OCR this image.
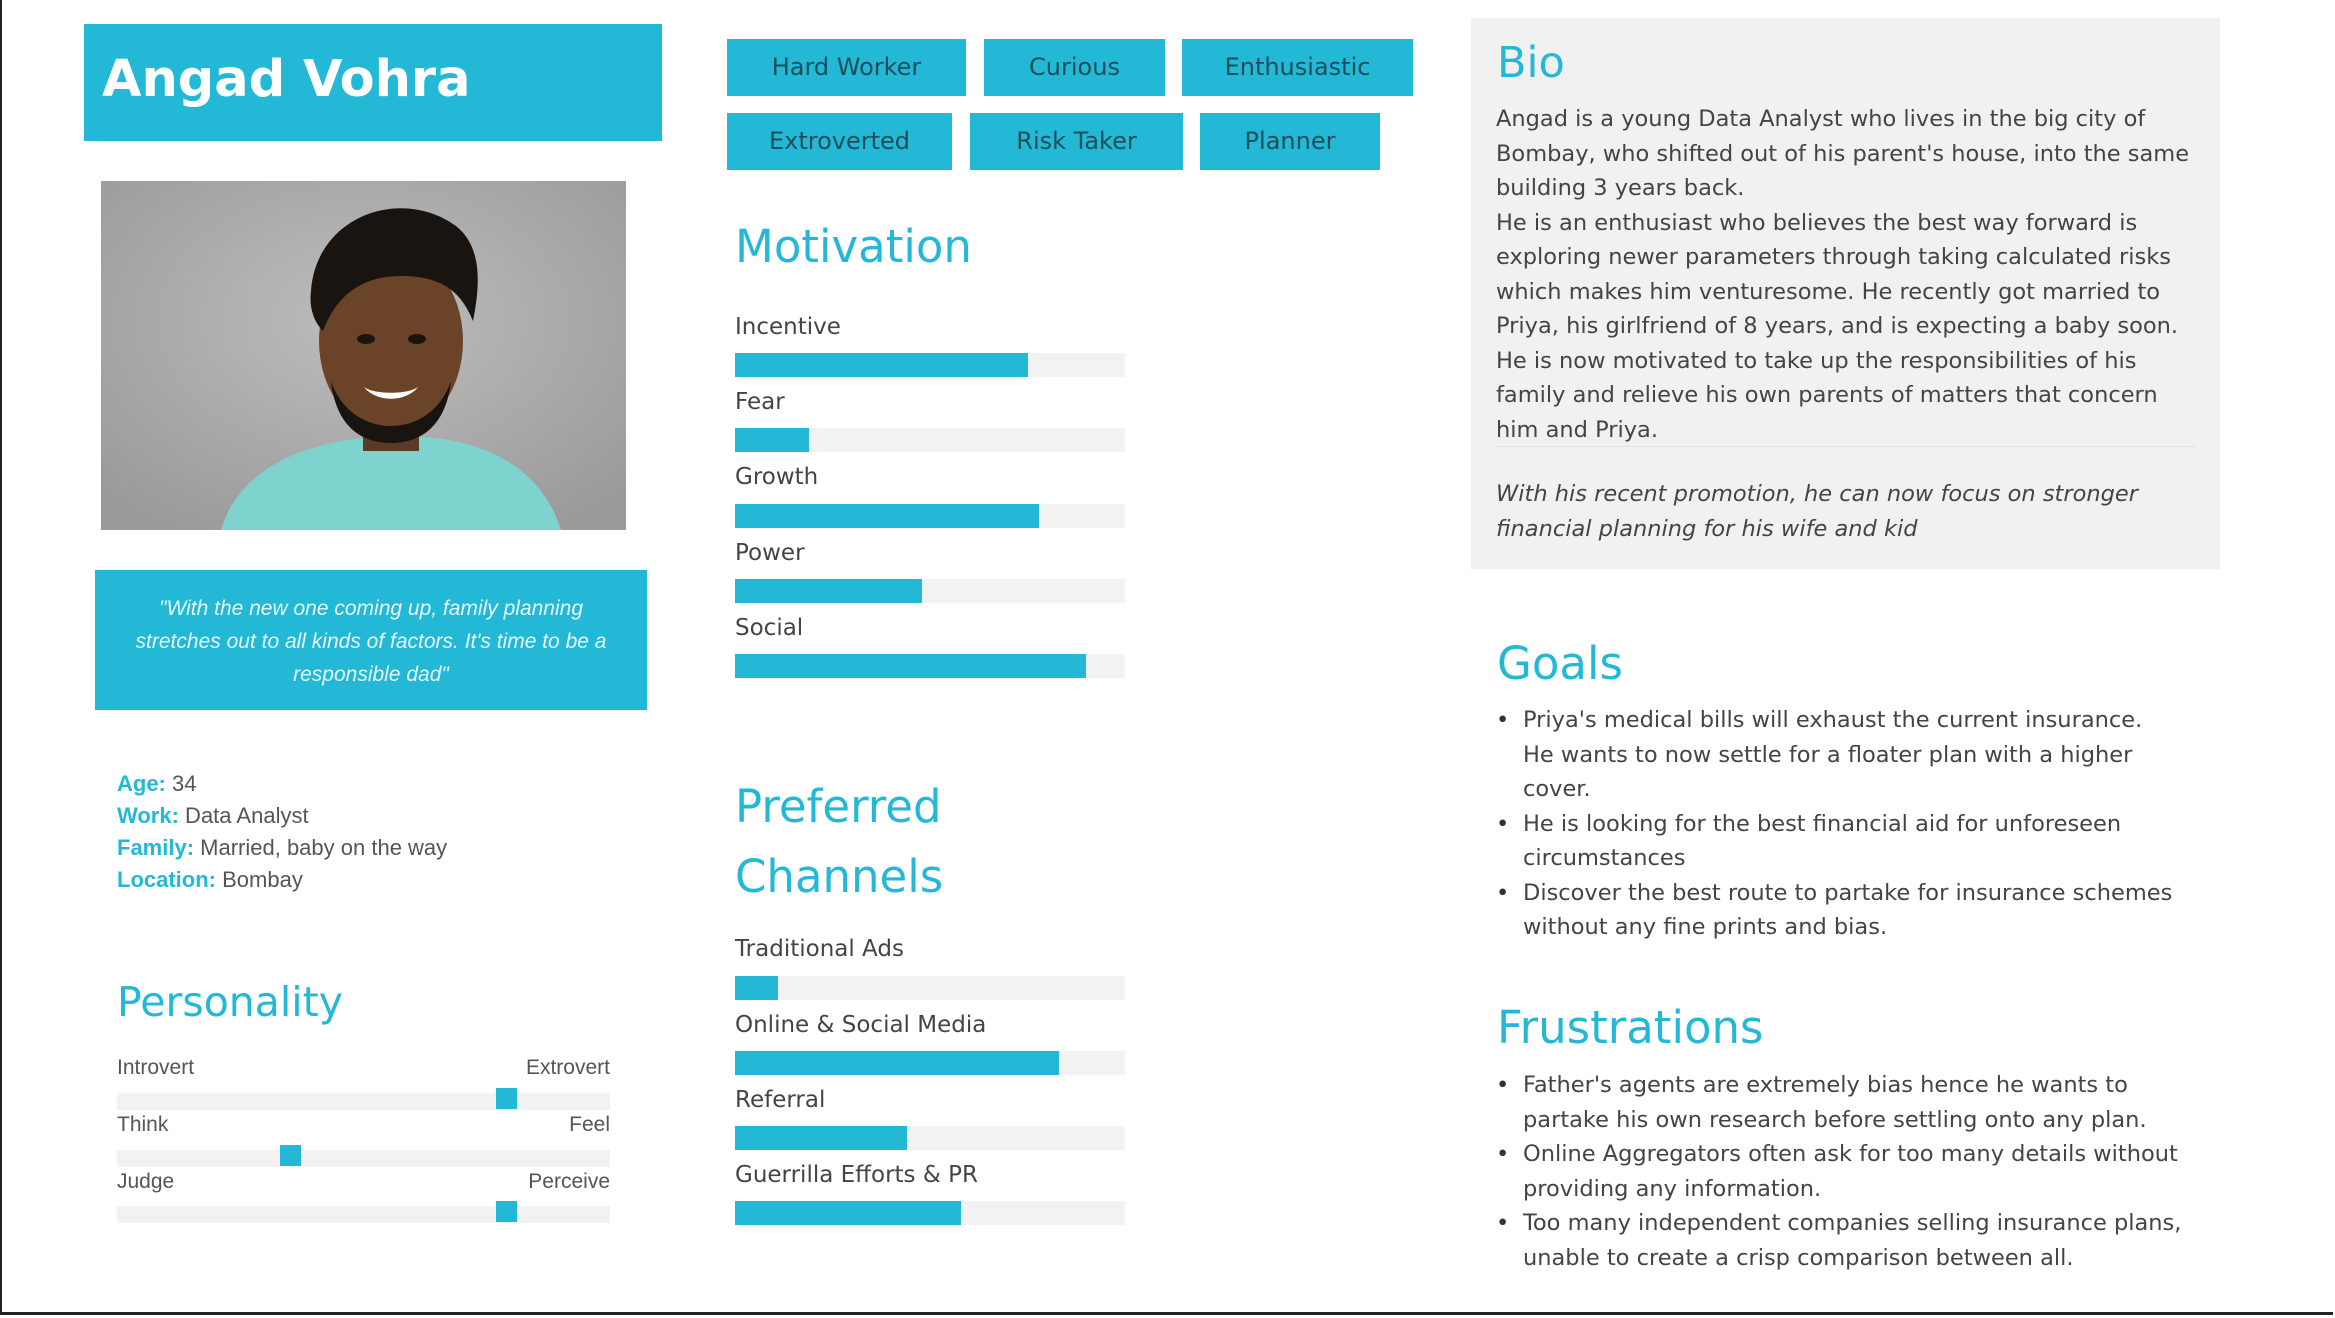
Angad Vohra

"With the new one coming up, family planning stretches out to all kinds of factors. It's time to be a responsible dad"

Age: 34
Work: Data Analyst
Family: Married, baby on the way
Location: Bombay
Personality
Introvert	Extrovert
Think	Feel
Judge	Perceive
Hard Worker	Curious	Enthusiastic
Extroverted	Risk Taker	Planner
Motivation
Incentive
Fear
Growth
Power
Social
Preferred
Channels
Traditional Ads
Online & Social Media
Referral
Guerrilla Efforts & PR
Bio
Angad is a young Data Analyst who lives in the big city of Bombay, who shifted out of his parent's house, into the same building 3 years back.
He is an enthusiast who believes the best way forward is exploring newer parameters through taking calculated risks which makes him venturesome. He recently got married to Priya, his girlfriend of 8 years, and is expecting a baby soon. He is now motivated to take up the responsibilities of his family and relieve his own parents of matters that concern him and Priya.
With his recent promotion, he can now focus on stronger financial planning for his wife and kid
Goals
• Priya's medical bills will exhaust the current insurance. He wants to now settle for a floater plan with a higher cover.
• He is looking for the best financial aid for unforeseen circumstances
• Discover the best route to partake for insurance schemes without any fine prints and bias.
Frustrations
• Father's agents are extremely bias hence he wants to partake his own research before settling onto any plan.
• Online Aggregators often ask for too many details without providing any information.
• Too many independent companies selling insurance plans, unable to create a crisp comparison between all.
